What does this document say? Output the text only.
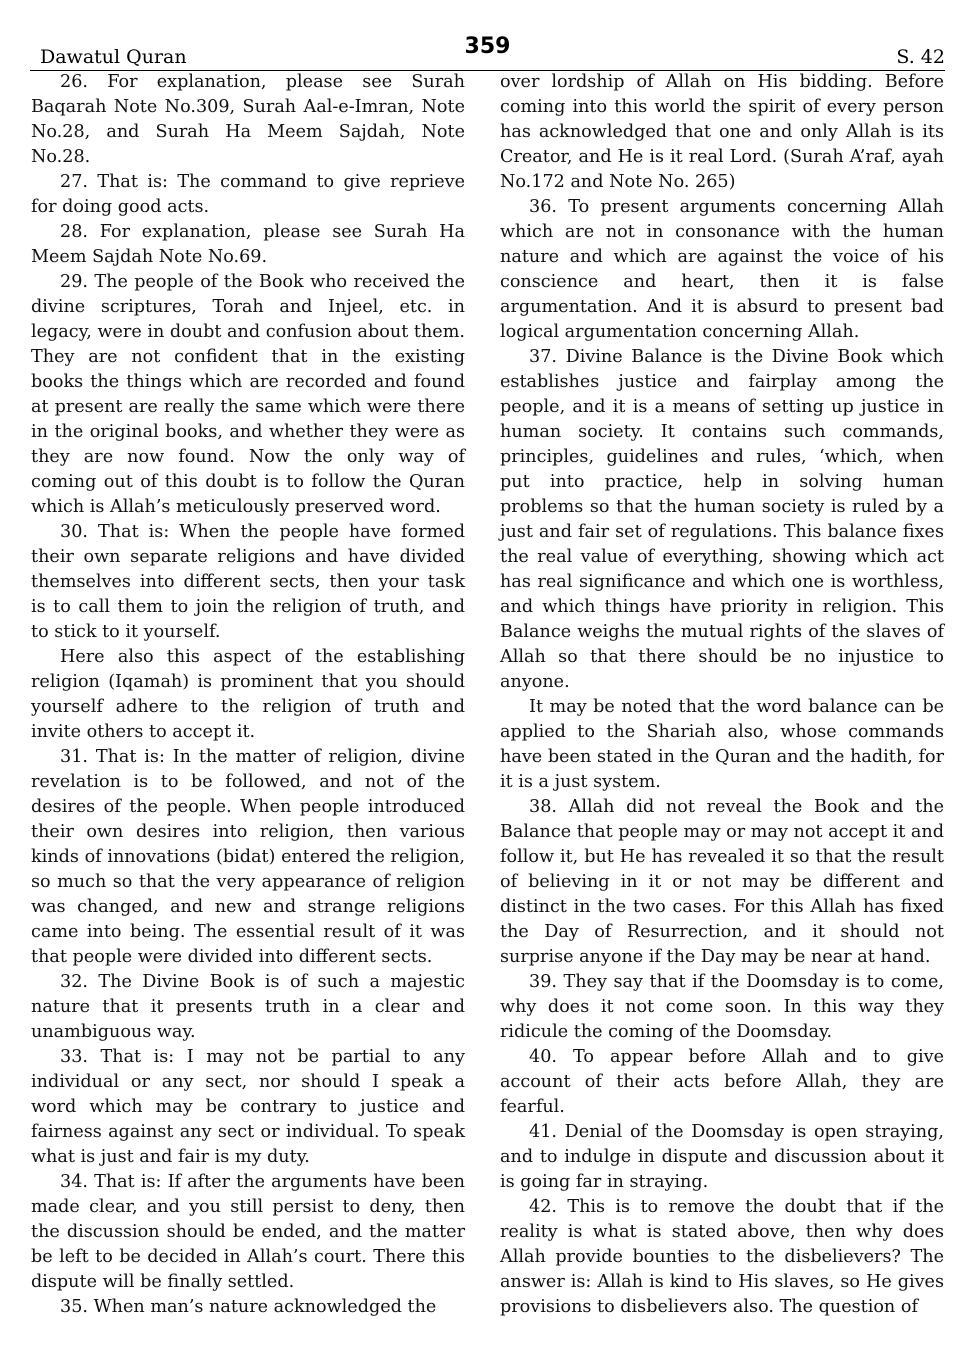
Dawatul Quran	359	S. 42

26. For explanation, please see Surah Baqarah Note No.309, Surah Aal-e-Imran, Note No.28, and Surah Ha Meem Sajdah, Note No.28.

27. That is: The command to give reprieve for doing good acts.

28. For explanation, please see Surah Ha Meem Sajdah Note No.69.

29. The people of the Book who received the divine scriptures, Torah and Injeel, etc. in legacy, were in doubt and confusion about them. They are not confident that in the existing books the things which are recorded and found at present are really the same which were there in the original books, and whether they were as they are now found. Now the only way of coming out of this doubt is to follow the Quran which is Allah’s meticulously preserved word.

30. That is: When the people have formed their own separate religions and have divided themselves into different sects, then your task is to call them to join the religion of truth, and to stick to it yourself.

Here also this aspect of the establishing religion (Iqamah) is prominent that you should yourself adhere to the religion of truth and invite others to accept it.

31. That is: In the matter of religion, divine revelation is to be followed, and not of the desires of the people. When people introduced their own desires into religion, then various kinds of innovations (bidat) entered the religion, so much so that the very appearance of religion was changed, and new and strange religions came into being. The essential result of it was that people were divided into different sects.

32. The Divine Book is of such a majestic nature that it presents truth in a clear and unambiguous way.

33. That is: I may not be partial to any individual or any sect, nor should I speak a word which may be contrary to justice and fairness against any sect or individual. To speak what is just and fair is my duty.

34. That is: If after the arguments have been made clear, and you still persist to deny, then the discussion should be ended, and the matter be left to be decided in Allah’s court. There this dispute will be finally settled.

35. When man’s nature acknowledged the

over lordship of Allah on His bidding. Before coming into this world the spirit of every person has acknowledged that one and only Allah is its Creator, and He is it real Lord. (Surah A’raf, ayah No.172 and Note No. 265)

36. To present arguments concerning Allah which are not in consonance with the human nature and which are against the voice of his conscience and heart, then it is false argumentation. And it is absurd to present bad logical argumentation concerning Allah.

37. Divine Balance is the Divine Book which establishes justice and fairplay among the people, and it is a means of setting up justice in human society. It contains such commands, principles, guidelines and rules, ‘which, when put into practice, help in solving human problems so that the human society is ruled by a just and fair set of regulations. This balance fixes the real value of everything, showing which act has real significance and which one is worthless, and which things have priority in religion. This Balance weighs the mutual rights of the slaves of Allah so that there should be no injustice to anyone.

It may be noted that the word balance can be applied to the Shariah also, whose commands have been stated in the Quran and the hadith, for it is a just system.

38. Allah did not reveal the Book and the Balance that people may or may not accept it and follow it, but He has revealed it so that the result of believing in it or not may be different and distinct in the two cases. For this Allah has fixed the Day of Resurrection, and it should not surprise anyone if the Day may be near at hand.

39. They say that if the Doomsday is to come, why does it not come soon. In this way they ridicule the coming of the Doomsday.

40. To appear before Allah and to give account of their acts before Allah, they are fearful.

41. Denial of the Doomsday is open straying, and to indulge in dispute and discussion about it is going far in straying.

42. This is to remove the doubt that if the reality is what is stated above, then why does Allah provide bounties to the disbelievers? The answer is: Allah is kind to His slaves, so He gives provisions to disbelievers also. The question of
